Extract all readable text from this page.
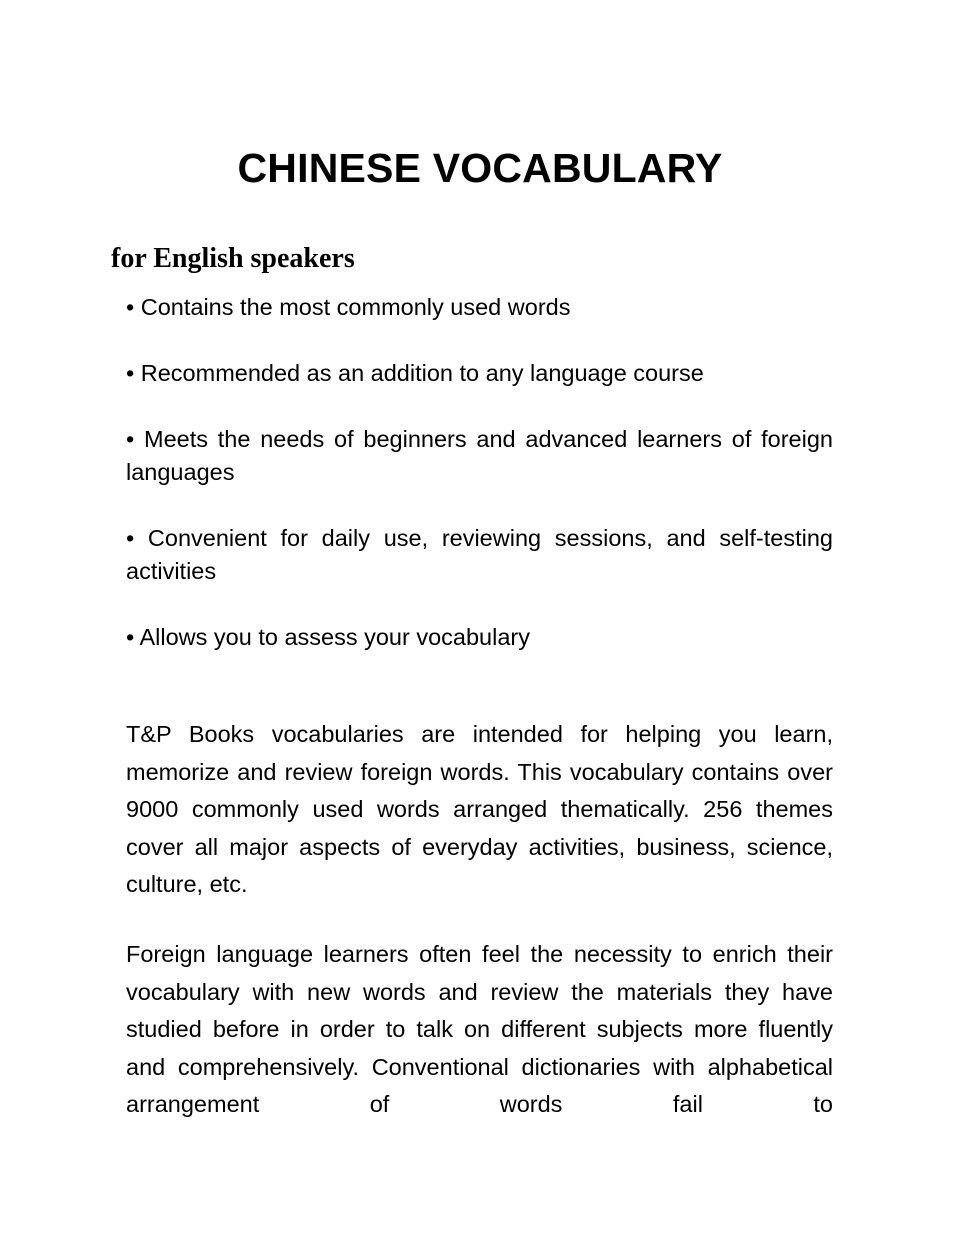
CHINESE VOCABULARY
for English speakers

• Contains the most commonly used words

• Recommended as an addition to any language course

• Meets the needs of beginners and advanced learners of foreign languages

• Convenient for daily use, reviewing sessions, and self-testing activities

• Allows you to assess your vocabulary

T&P Books vocabularies are intended for helping you learn, memorize and review foreign words. This vocabulary contains over 9000 commonly used words arranged thematically. 256 themes cover all major aspects of everyday activities, business, science, culture, etc.

Foreign language learners often feel the necessity to enrich their vocabulary with new words and review the materials they have studied before in order to talk on different subjects more fluently and comprehensively. Conventional dictionaries with alphabetical arrangement of words fail to
